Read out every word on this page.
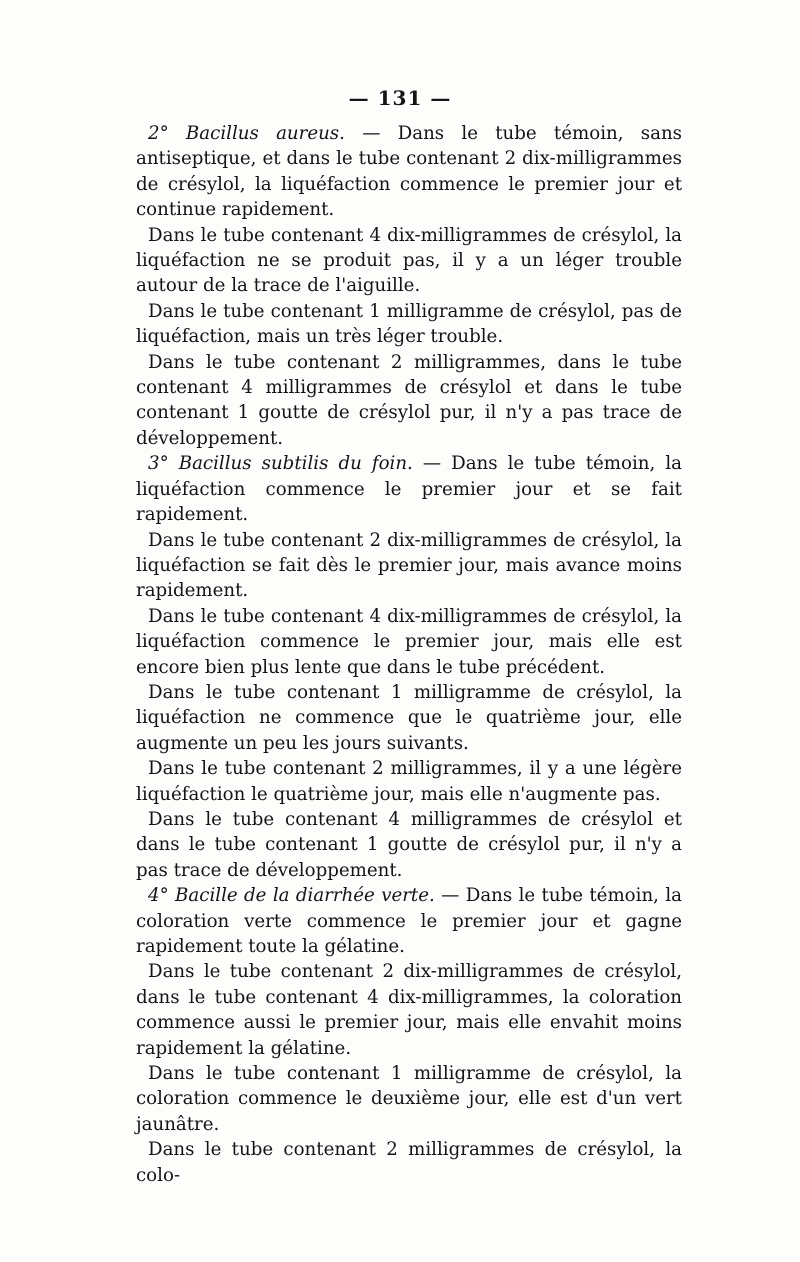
— 131 —

2° Bacillus aureus. — Dans le tube témoin, sans antiseptique, et dans le tube contenant 2 dix-milligrammes de crésylol, la liquéfaction commence le premier jour et continue rapidement.

Dans le tube contenant 4 dix-milligrammes de crésylol, la liquéfaction ne se produit pas, il y a un léger trouble autour de la trace de l'aiguille.

Dans le tube contenant 1 milligramme de crésylol, pas de liquéfaction, mais un très léger trouble.

Dans le tube contenant 2 milligrammes, dans le tube contenant 4 milligrammes de crésylol et dans le tube contenant 1 goutte de crésylol pur, il n'y a pas trace de développement.

3° Bacillus subtilis du foin. — Dans le tube témoin, la liquéfaction commence le premier jour et se fait rapidement.

Dans le tube contenant 2 dix-milligrammes de crésylol, la liquéfaction se fait dès le premier jour, mais avance moins rapidement.

Dans le tube contenant 4 dix-milligrammes de crésylol, la liquéfaction commence le premier jour, mais elle est encore bien plus lente que dans le tube précédent.

Dans le tube contenant 1 milligramme de crésylol, la liquéfaction ne commence que le quatrième jour, elle augmente un peu les jours suivants.

Dans le tube contenant 2 milligrammes, il y a une légère liquéfaction le quatrième jour, mais elle n'augmente pas.

Dans le tube contenant 4 milligrammes de crésylol et dans le tube contenant 1 goutte de crésylol pur, il n'y a pas trace de développement.

4° Bacille de la diarrhée verte. — Dans le tube témoin, la coloration verte commence le premier jour et gagne rapidement toute la gélatine.

Dans le tube contenant 2 dix-milligrammes de crésylol, dans le tube contenant 4 dix-milligrammes, la coloration commence aussi le premier jour, mais elle envahit moins rapidement la gélatine.

Dans le tube contenant 1 milligramme de crésylol, la coloration commence le deuxième jour, elle est d'un vert jaunâtre.

Dans le tube contenant 2 milligrammes de crésylol, la colo-
